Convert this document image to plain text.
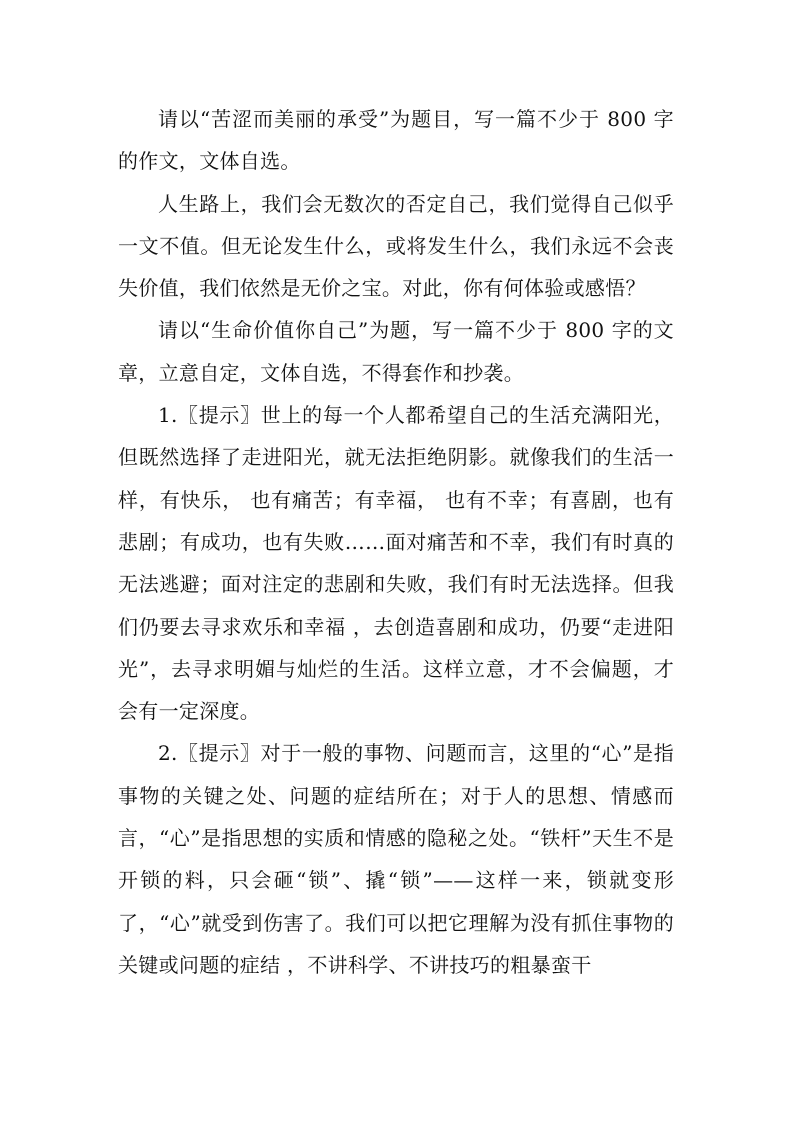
请以“苦涩而美丽的承受”为题目，写一篇不少于 800 字的作文，文体自选。

人生路上，我们会无数次的否定自己，我们觉得自己似乎一文不值。但无论发生什么，或将发生什么，我们永远不会丧失价值，我们依然是无价之宝。对此，你有何体验或感悟？

请以“生命价值你自己”为题，写一篇不少于 800 字的文章，立意自定，文体自选，不得套作和抄袭。

1.〖提示〗世上的每一个人都希望自己的生活充满阳光，但既然选择了走进阳光，就无法拒绝阴影。就像我们的生活一样，有快乐， 也有痛苦；有幸福， 也有不幸；有喜剧，也有悲剧；有成功，也有失败……面对痛苦和不幸，我们有时真的无法逃避；面对注定的悲剧和失败，我们有时无法选择。但我们仍要去寻求欢乐和幸福 ，去创造喜剧和成功，仍要“走进阳光”，去寻求明媚与灿烂的生活。这样立意，才不会偏题，才会有一定深度。

2.〖提示〗对于一般的事物、问题而言，这里的“心”是指事物的关键之处、问题的症结所在；对于人的思想、情感而言，“心”是指思想的实质和情感的隐秘之处。“铁杆”天生不是开锁的料，只会砸“锁”、撬“锁”——这样一来，锁就变形了，“心”就受到伤害了。我们可以把它理解为没有抓住事物的关键或问题的症结 ，不讲科学、不讲技巧的粗暴蛮干
